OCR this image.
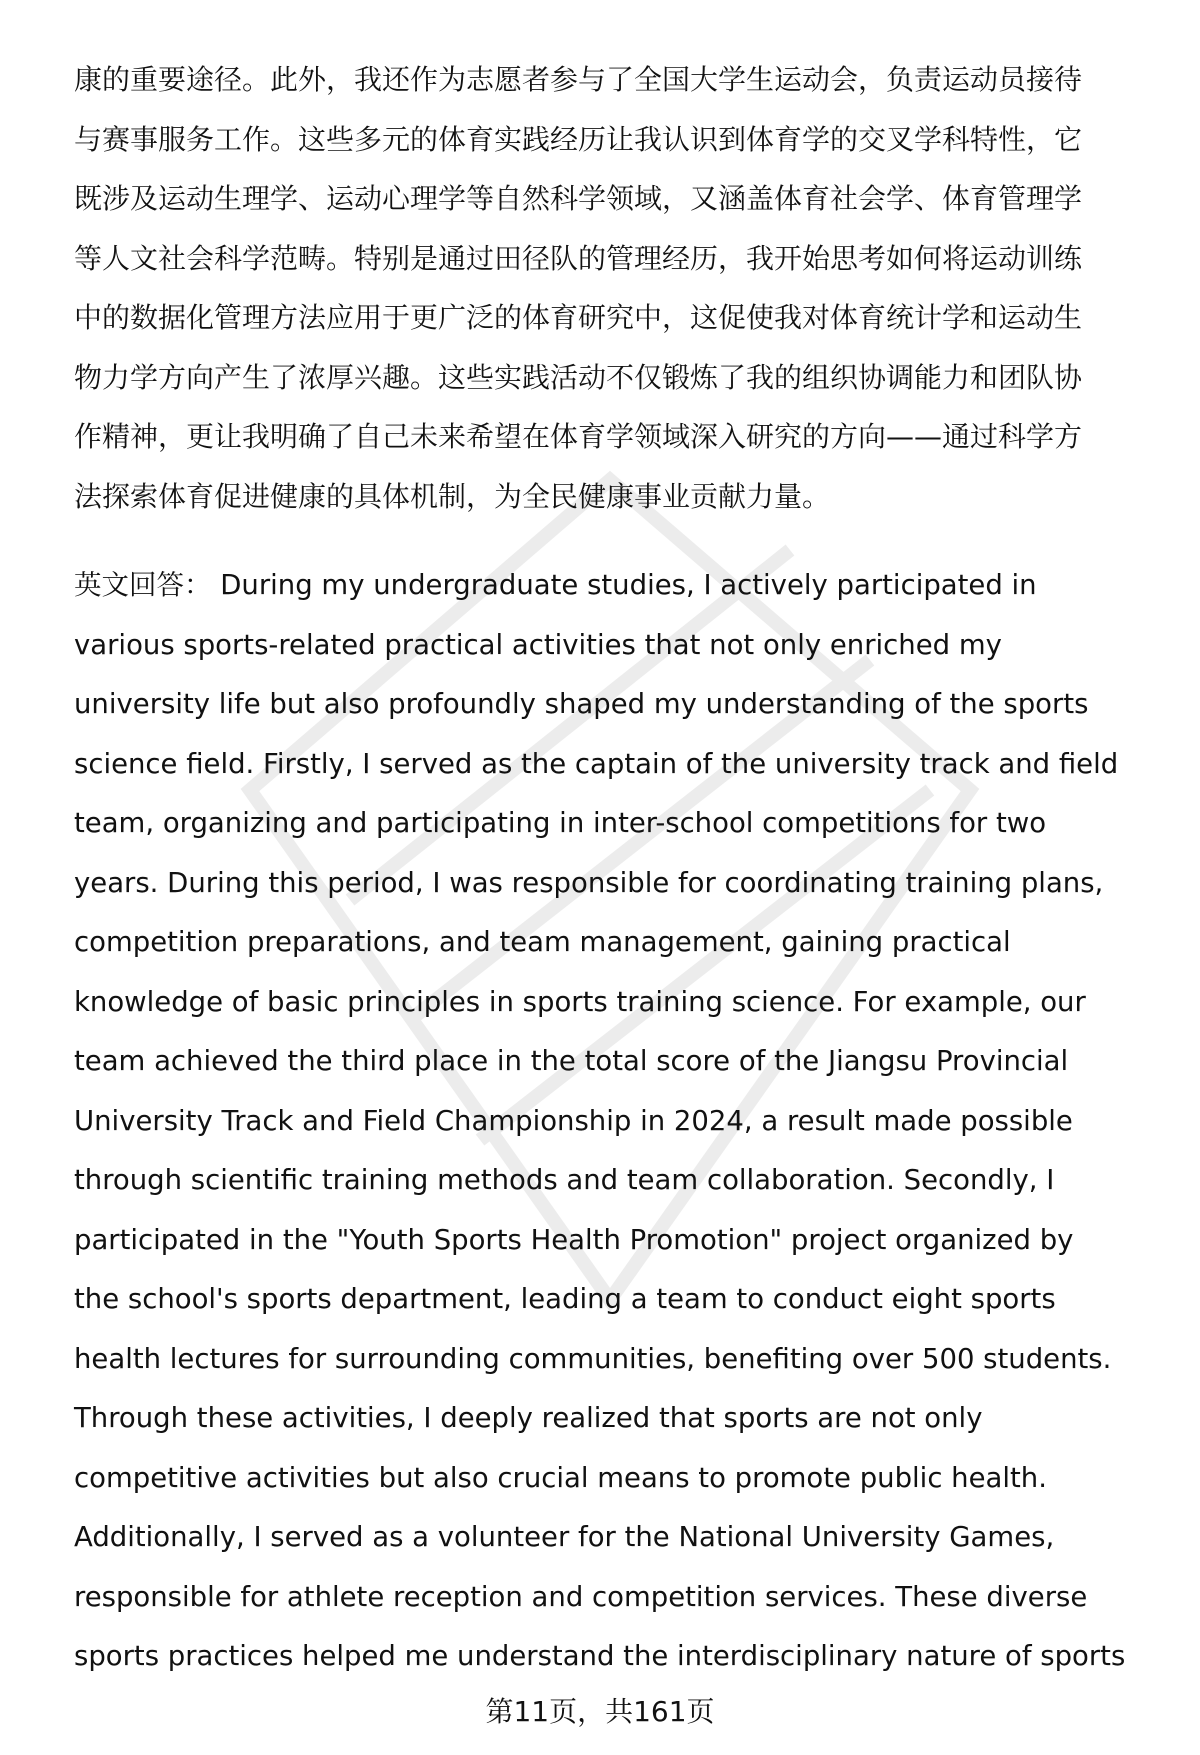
康的重要途径。此外，我还作为志愿者参与了全国大学生运动会，负责运动员接待
与赛事服务工作。这些多元的体育实践经历让我认识到体育学的交叉学科特性，它
既涉及运动生理学、运动心理学等自然科学领域，又涵盖体育社会学、体育管理学
等人文社会科学范畴。特别是通过田径队的管理经历，我开始思考如何将运动训练
中的数据化管理方法应用于更广泛的体育研究中，这促使我对体育统计学和运动生
物力学方向产生了浓厚兴趣。这些实践活动不仅锻炼了我的组织协调能力和团队协
作精神，更让我明确了自己未来希望在体育学领域深入研究的方向——通过科学方
法探索体育促进健康的具体机制，为全民健康事业贡献力量。
英文回答： During my undergraduate studies, I actively participated in
various sports-related practical activities that not only enriched my
university life but also profoundly shaped my understanding of the sports
science field. Firstly, I served as the captain of the university track and field
team, organizing and participating in inter-school competitions for two
years. During this period, I was responsible for coordinating training plans,
competition preparations, and team management, gaining practical
knowledge of basic principles in sports training science. For example, our
team achieved the third place in the total score of the Jiangsu Provincial
University Track and Field Championship in 2024, a result made possible
through scientific training methods and team collaboration. Secondly, I
participated in the "Youth Sports Health Promotion" project organized by
the school's sports department, leading a team to conduct eight sports
health lectures for surrounding communities, benefiting over 500 students.
Through these activities, I deeply realized that sports are not only
competitive activities but also crucial means to promote public health.
Additionally, I served as a volunteer for the National University Games,
responsible for athlete reception and competition services. These diverse
sports practices helped me understand the interdisciplinary nature of sports
第11页，共161页
